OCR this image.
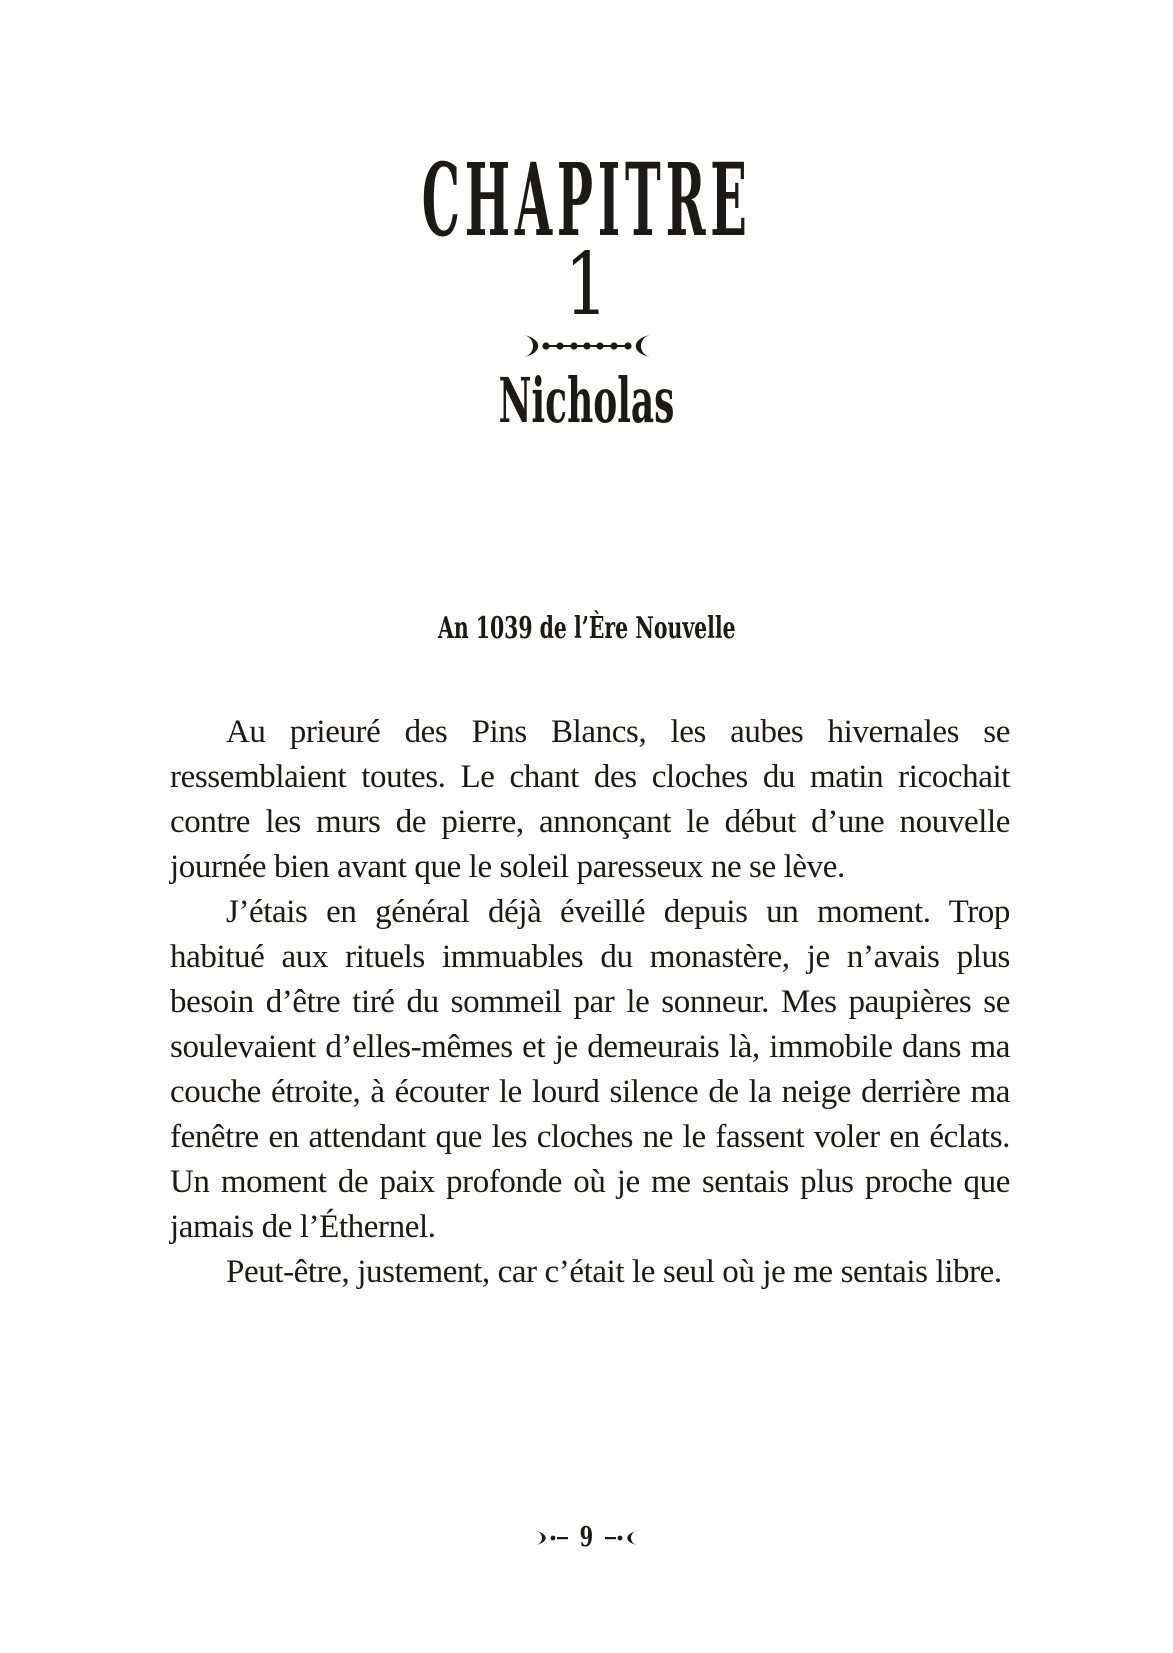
CHAPITRE
1
Nicholas
An 1039 de l’Ère Nouvelle

Au prieuré des Pins Blancs, les aubes hivernales se ressemblaient toutes. Le chant des cloches du matin ricochait contre les murs de pierre, annonçant le début d’une nouvelle journée bien avant que le soleil paresseux ne se lève.

J’étais en général déjà éveillé depuis un moment. Trop habitué aux rituels immuables du monastère, je n’avais plus besoin d’être tiré du sommeil par le sonneur. Mes paupières se soulevaient d’elles-mêmes et je demeurais là, immobile dans ma couche étroite, à écouter le lourd silence de la neige derrière ma fenêtre en attendant que les cloches ne le fassent voler en éclats. Un moment de paix profonde où je me sentais plus proche que jamais de l’Éthernel.

Peut-être, justement, car c’était le seul où je me sentais libre.

9
